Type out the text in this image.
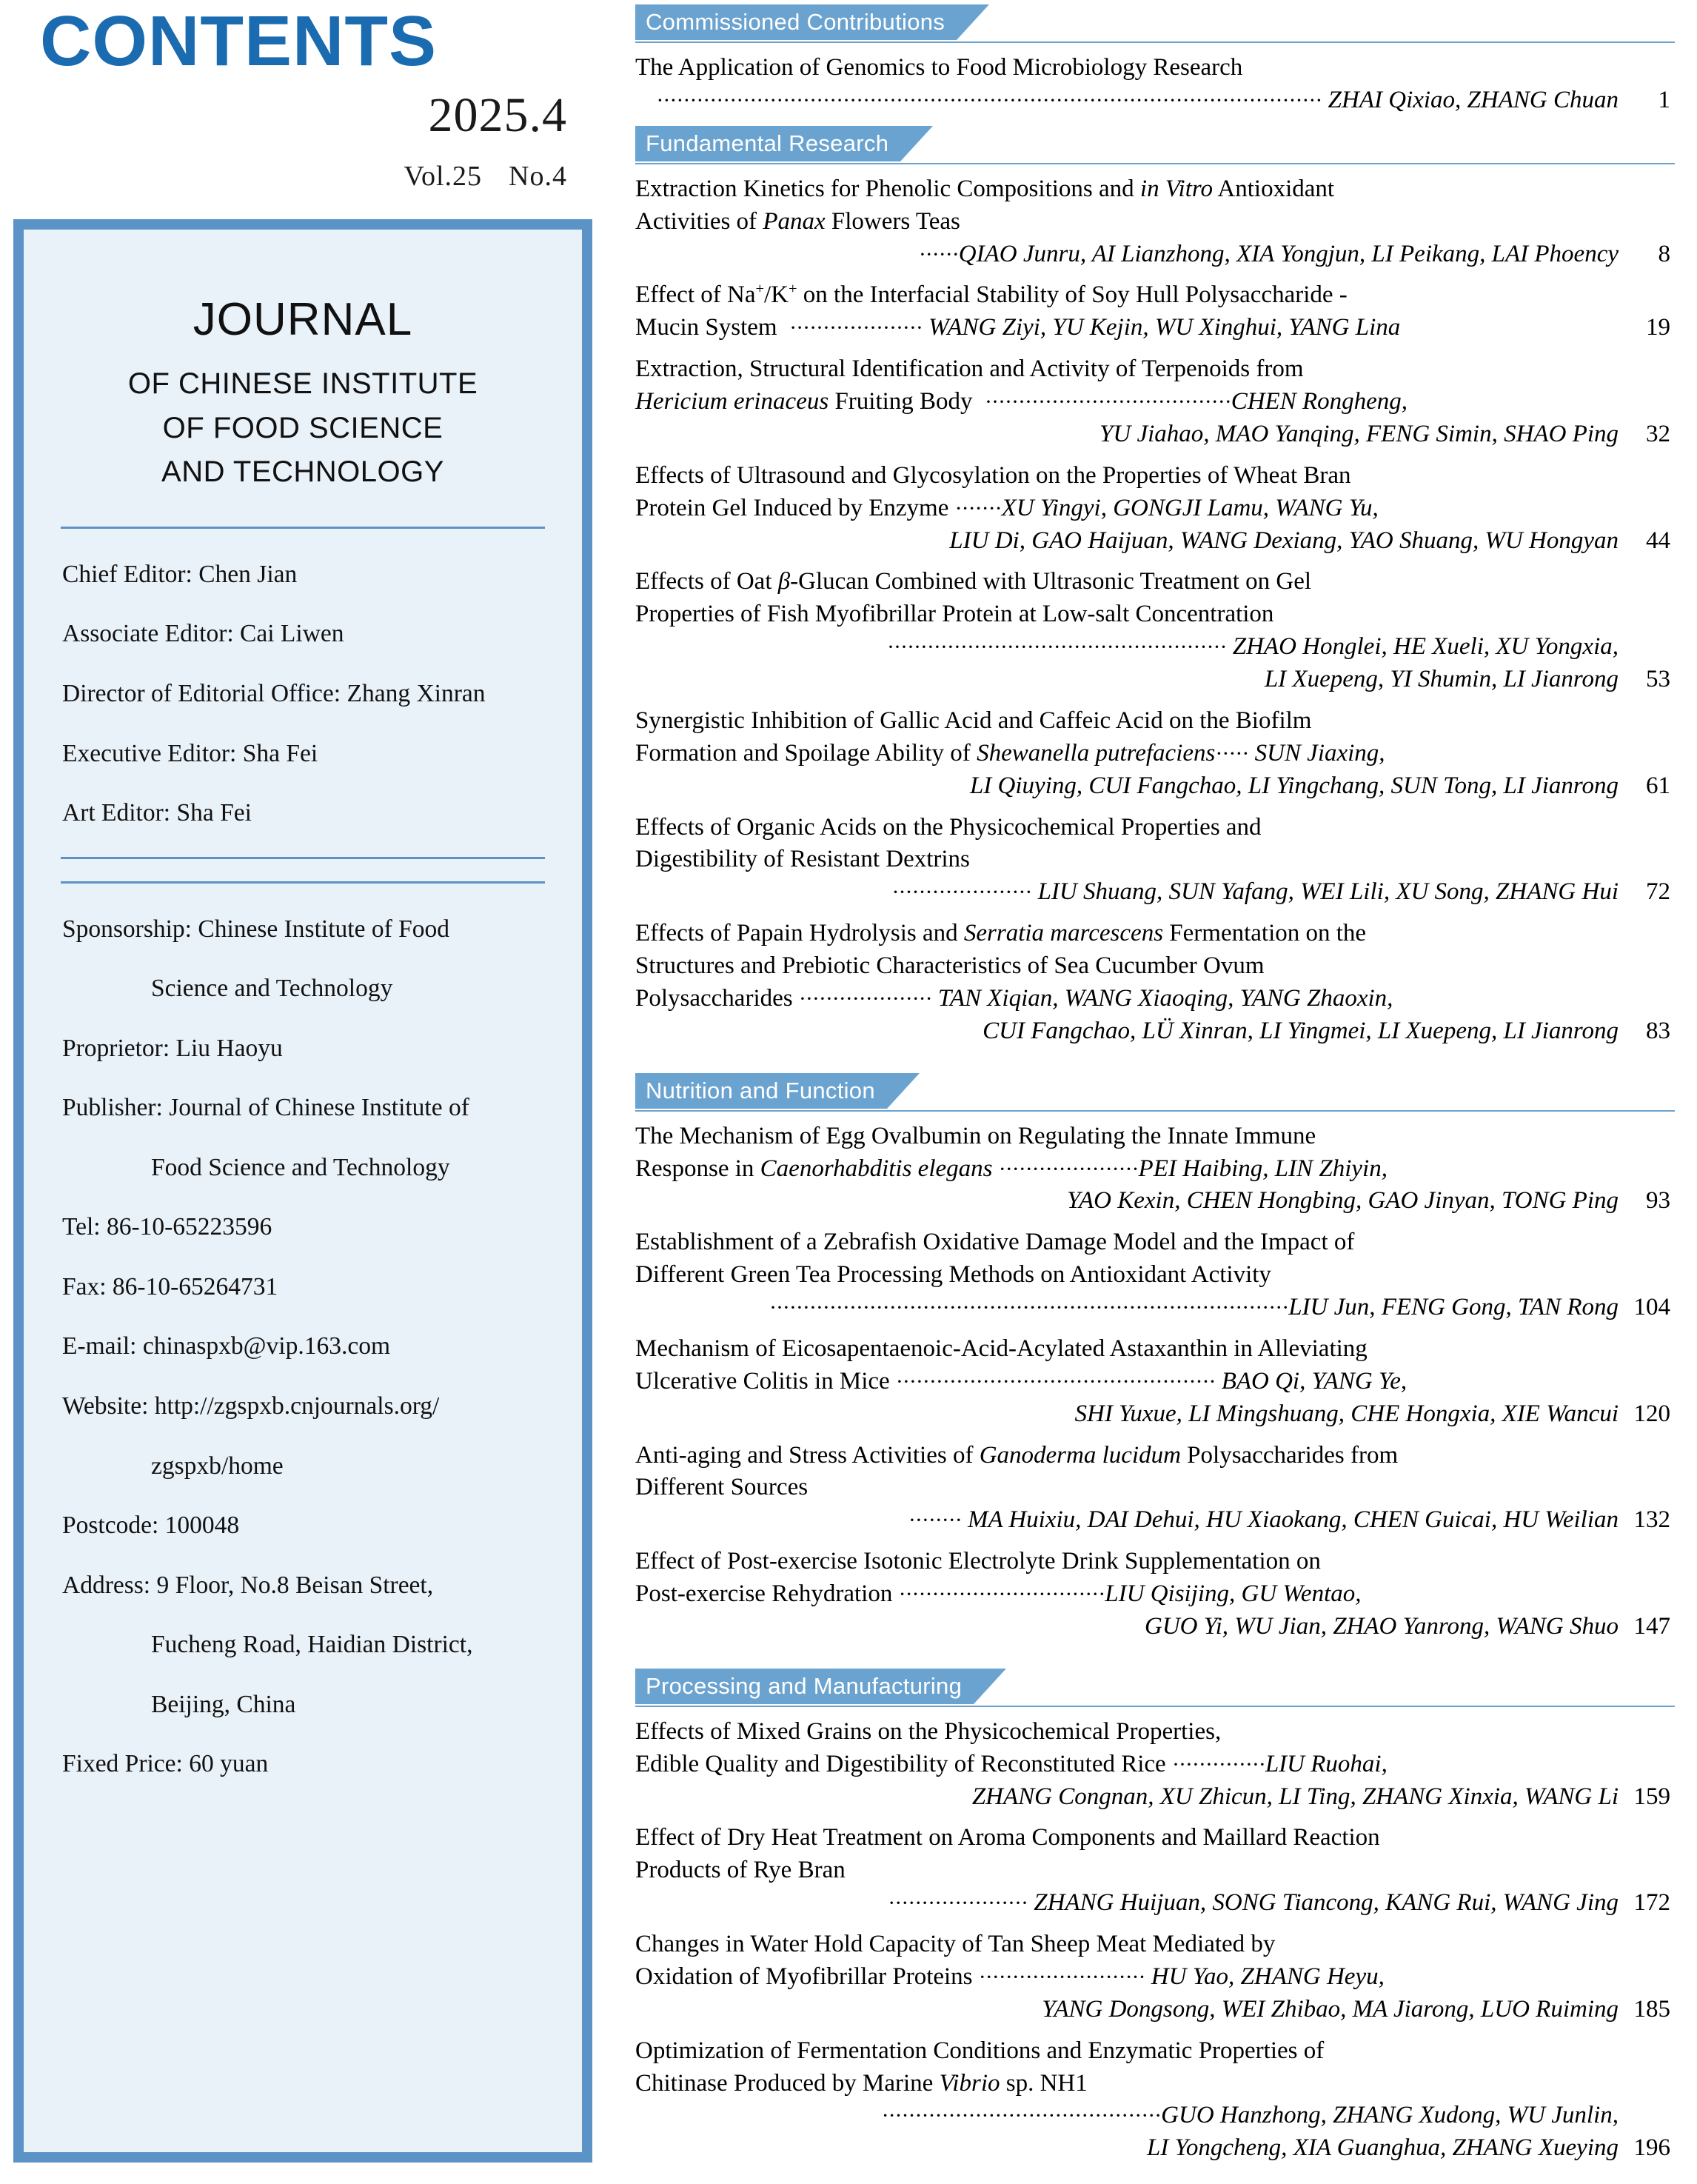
CONTENTS
2025.4
Vol.25 No.4
JOURNAL
OF CHINESE INSTITUTE
OF FOOD SCIENCE
AND TECHNOLOGY
Chief Editor: Chen Jian
Associate Editor: Cai Liwen
Director of Editorial Office: Zhang Xinran
Executive Editor: Sha Fei
Art Editor: Sha Fei
Sponsorship: Chinese Institute of Food
Science and Technology
Proprietor: Liu Haoyu
Publisher: Journal of Chinese Institute of
Food Science and Technology
Tel: 86-10-65223596
Fax: 86-10-65264731
E-mail: chinaspxb@vip.163.com
Website: http://zgspxb.cnjournals.org/
zgspxb/home
Postcode: 100048
Address: 9 Floor, No.8 Beisan Street,
Fucheng Road, Haidian District,
Beijing, China
Fixed Price: 60 yuan
Commissioned Contributions
The Application of Genomics to Food Microbiology Research
···································································································· ZHAI Qixiao, ZHANG Chuan	1
Fundamental Research
Extraction Kinetics for Phenolic Compositions and in Vitro Antioxidant
Activities of Panax Flowers Teas
······QIAO Junru, AI Lianzhong, XIA Yongjun, LI Peikang, LAI Phoency	8
Effect of Na+/K+ on the Interfacial Stability of Soy Hull Polysaccharide -
Mucin System  ···················· WANG Ziyi, YU Kejin, WU Xinghui, YANG Lina	19
Extraction, Structural Identification and Activity of Terpenoids from
Hericium erinaceus Fruiting Body  ·····································CHEN Rongheng,
YU Jiahao, MAO Yanqing, FENG Simin, SHAO Ping	32
Effects of Ultrasound and Glycosylation on the Properties of Wheat Bran
Protein Gel Induced by Enzyme ·······XU Yingyi, GONGJI Lamu, WANG Yu,
LIU Di, GAO Haijuan, WANG Dexiang, YAO Shuang, WU Hongyan	44
Effects of Oat β-Glucan Combined with Ultrasonic Treatment on Gel
Properties of Fish Myofibrillar Protein at Low-salt Concentration
··················································· ZHAO Honglei, HE Xueli, XU Yongxia,
LI Xuepeng, YI Shumin, LI Jianrong	53
Synergistic Inhibition of Gallic Acid and Caffeic Acid on the Biofilm
Formation and Spoilage Ability of Shewanella putrefaciens····· SUN Jiaxing,
LI Qiuying, CUI Fangchao, LI Yingchang, SUN Tong, LI Jianrong	61
Effects of Organic Acids on the Physicochemical Properties and
Digestibility of Resistant Dextrins
····················· LIU Shuang, SUN Yafang, WEI Lili, XU Song, ZHANG Hui	72
Effects of Papain Hydrolysis and Serratia marcescens Fermentation on the
Structures and Prebiotic Characteristics of Sea Cucumber Ovum
Polysaccharides ···················· TAN Xiqian, WANG Xiaoqing, YANG Zhaoxin,
CUI Fangchao, LÜ Xinran, LI Yingmei, LI Xuepeng, LI Jianrong	83
Nutrition and Function
The Mechanism of Egg Ovalbumin on Regulating the Innate Immune
Response in Caenorhabditis elegans ·····················PEI Haibing, LIN Zhiyin,
YAO Kexin, CHEN Hongbing, GAO Jinyan, TONG Ping	93
Establishment of a Zebrafish Oxidative Damage Model and the Impact of
Different Green Tea Processing Methods on Antioxidant Activity
··············································································LIU Jun, FENG Gong, TAN Rong 104
Mechanism of Eicosapentaenoic-Acid-Acylated Astaxanthin in Alleviating
Ulcerative Colitis in Mice ················································ BAO Qi, YANG Ye,
SHI Yuxue, LI Mingshuang, CHE Hongxia, XIE Wancui 120
Anti-aging and Stress Activities of Ganoderma lucidum Polysaccharides from
Different Sources
········ MA Huixiu, DAI Dehui, HU Xiaokang, CHEN Guicai, HU Weilian 132
Effect of Post-exercise Isotonic Electrolyte Drink Supplementation on
Post-exercise Rehydration ·······························LIU Qisijing, GU Wentao,
GUO Yi, WU Jian, ZHAO Yanrong, WANG Shuo 147
Processing and Manufacturing
Effects of Mixed Grains on the Physicochemical Properties,
Edible Quality and Digestibility of Reconstituted Rice ··············LIU Ruohai,
ZHANG Congnan, XU Zhicun, LI Ting, ZHANG Xinxia, WANG Li 159
Effect of Dry Heat Treatment on Aroma Components and Maillard Reaction
Products of Rye Bran
····················· ZHANG Huijuan, SONG Tiancong, KANG Rui, WANG Jing 172
Changes in Water Hold Capacity of Tan Sheep Meat Mediated by
Oxidation of Myofibrillar Proteins ························· HU Yao, ZHANG Heyu,
YANG Dongsong, WEI Zhibao, MA Jiarong, LUO Ruiming 185
Optimization of Fermentation Conditions and Enzymatic Properties of
Chitinase Produced by Marine Vibrio sp. NH1
··········································GUO Hanzhong, ZHANG Xudong, WU Junlin,
LI Yongcheng, XIA Guanghua, ZHANG Xueying 196
